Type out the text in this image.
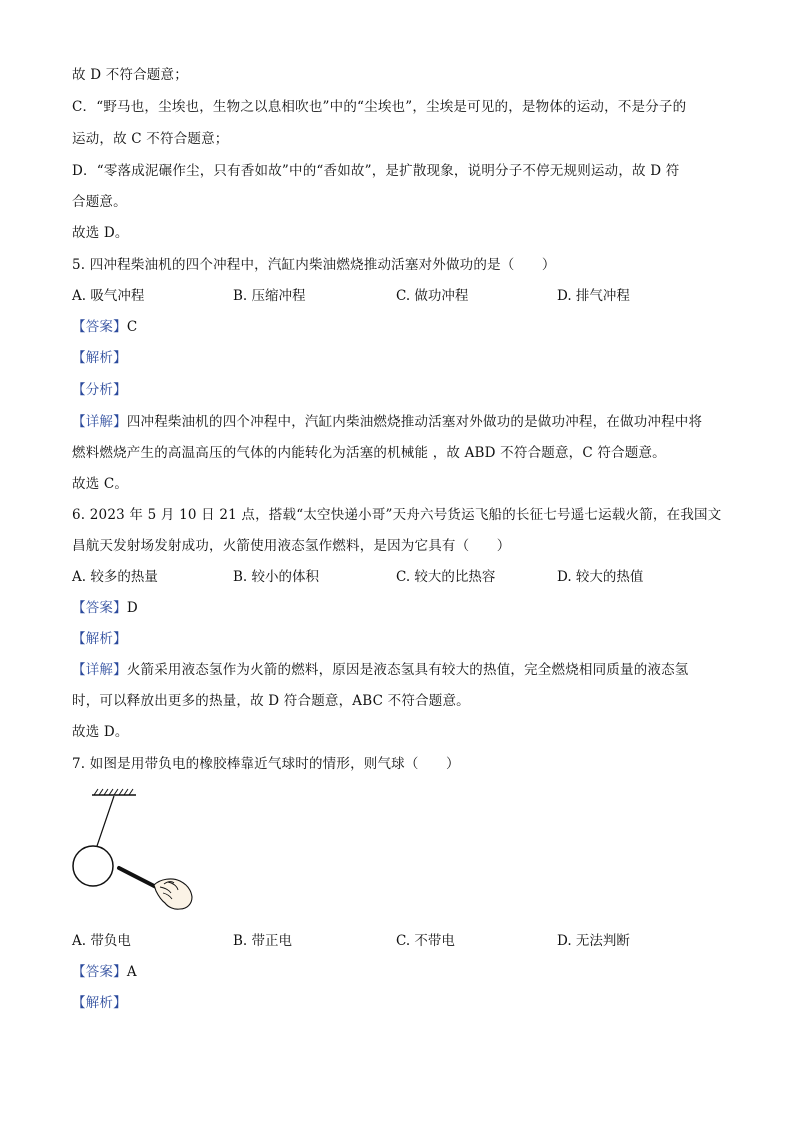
故 D 不符合题意；
C．“野马也，尘埃也，生物之以息相吹也”中的“尘埃也”，尘埃是可见的，是物体的运动，不是分子的
运动，故 C 不符合题意；
D．“零落成泥碾作尘，只有香如故”中的“香如故”，是扩散现象，说明分子不停无规则运动，故 D 符
合题意。
故选 D。
5. 四冲程柴油机的四个冲程中，汽缸内柴油燃烧推动活塞对外做功的是（　　）
A. 吸气冲程	B. 压缩冲程	C. 做功冲程	D. 排气冲程
【答案】C
【解析】
【分析】
【详解】四冲程柴油机的四个冲程中，汽缸内柴油燃烧推动活塞对外做功的是做功冲程，在做功冲程中将
燃料燃烧产生的高温高压的气体的内能转化为活塞的机械能 ，故 ABD 不符合题意，C 符合题意。
故选 C。
6. 2023 年 5 月 10 日 21 点，搭载“太空快递小哥”天舟六号货运飞船的长征七号遥七运载火箭，在我国文
昌航天发射场发射成功，火箭使用液态氢作燃料，是因为它具有（　　）
A. 较多的热量	B. 较小的体积	C. 较大的比热容	D. 较大的热值
【答案】D
【解析】
【详解】火箭采用液态氢作为火箭的燃料，原因是液态氢具有较大的热值，完全燃烧相同质量的液态氢
时，可以释放出更多的热量，故 D 符合题意，ABC 不符合题意。
故选 D。
7. 如图是用带负电的橡胶棒靠近气球时的情形，则气球（　　）
A. 带负电	B. 带正电	C. 不带电	D. 无法判断
【答案】A
【解析】
